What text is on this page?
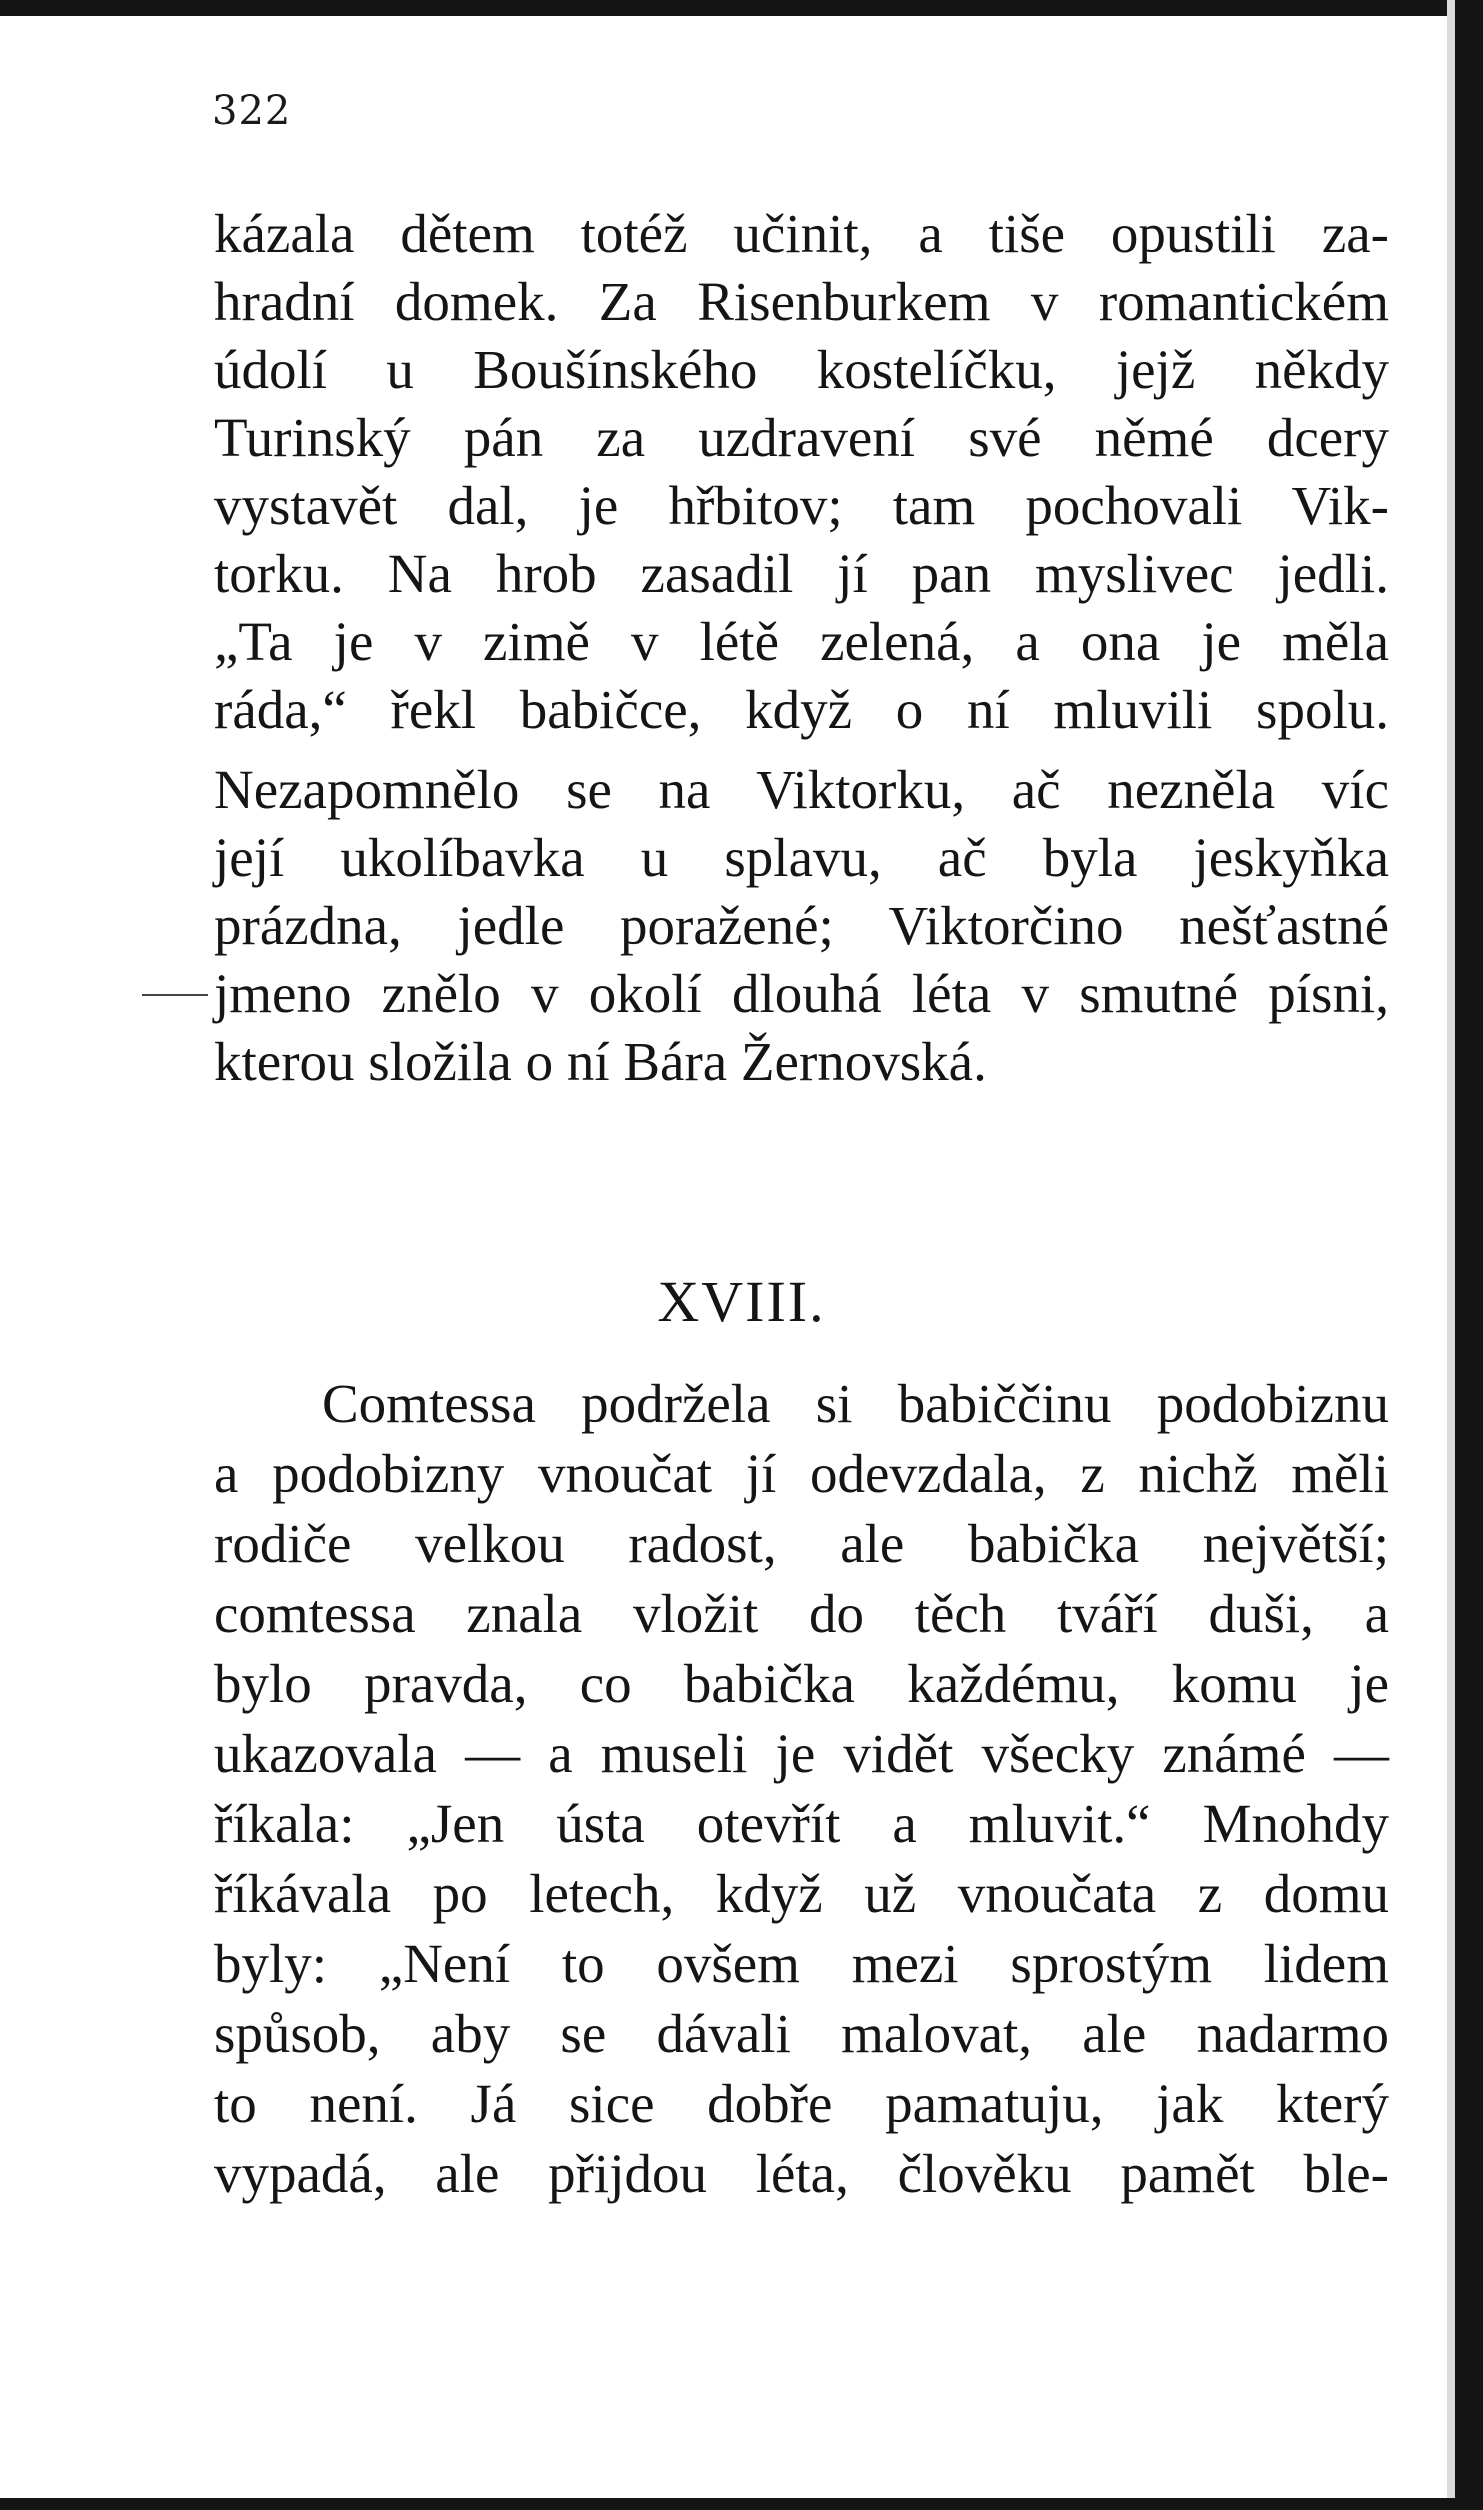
322
kázala dětem totéž učinit, a tiše opustili za-
hradní domek. Za Risenburkem v romantickém
údolí u Boušínského kostelíčku, jejž někdy
Turinský pán za uzdravení své němé dcery
vystavět dal, je hřbitov; tam pochovali Vik-
torku. Na hrob zasadil jí pan myslivec jedli.
„Ta je v zimě v létě zelená, a ona je měla
ráda,“ řekl babičce, když o ní mluvili spolu.
Nezapomnělo se na Viktorku, ač nezněla víc
její ukolíbavka u splavu, ač byla jeskyňka
prázdna, jedle poražené; Viktorčino nešťastné
jmeno znělo v okolí dlouhá léta v smutné písni,
kterou složila o ní Bára Žernovská.
XVIII.
Comtessa podržela si babiččinu podobiznu
a podobizny vnoučat jí odevzdala, z nichž měli
rodiče velkou radost, ale babička největší;
comtessa znala vložit do těch tváří duši, a
bylo pravda, co babička každému, komu je
ukazovala — a museli je vidět všecky známé —
říkala: „Jen ústa otevřít a mluvit.“ Mnohdy
říkávala po letech, když už vnoučata z domu
byly: „Není to ovšem mezi sprostým lidem
spůsob, aby se dávali malovat, ale nadarmo
to není. Já sice dobře pamatuju, jak který
vypadá, ale přijdou léta, člověku pamět ble-
